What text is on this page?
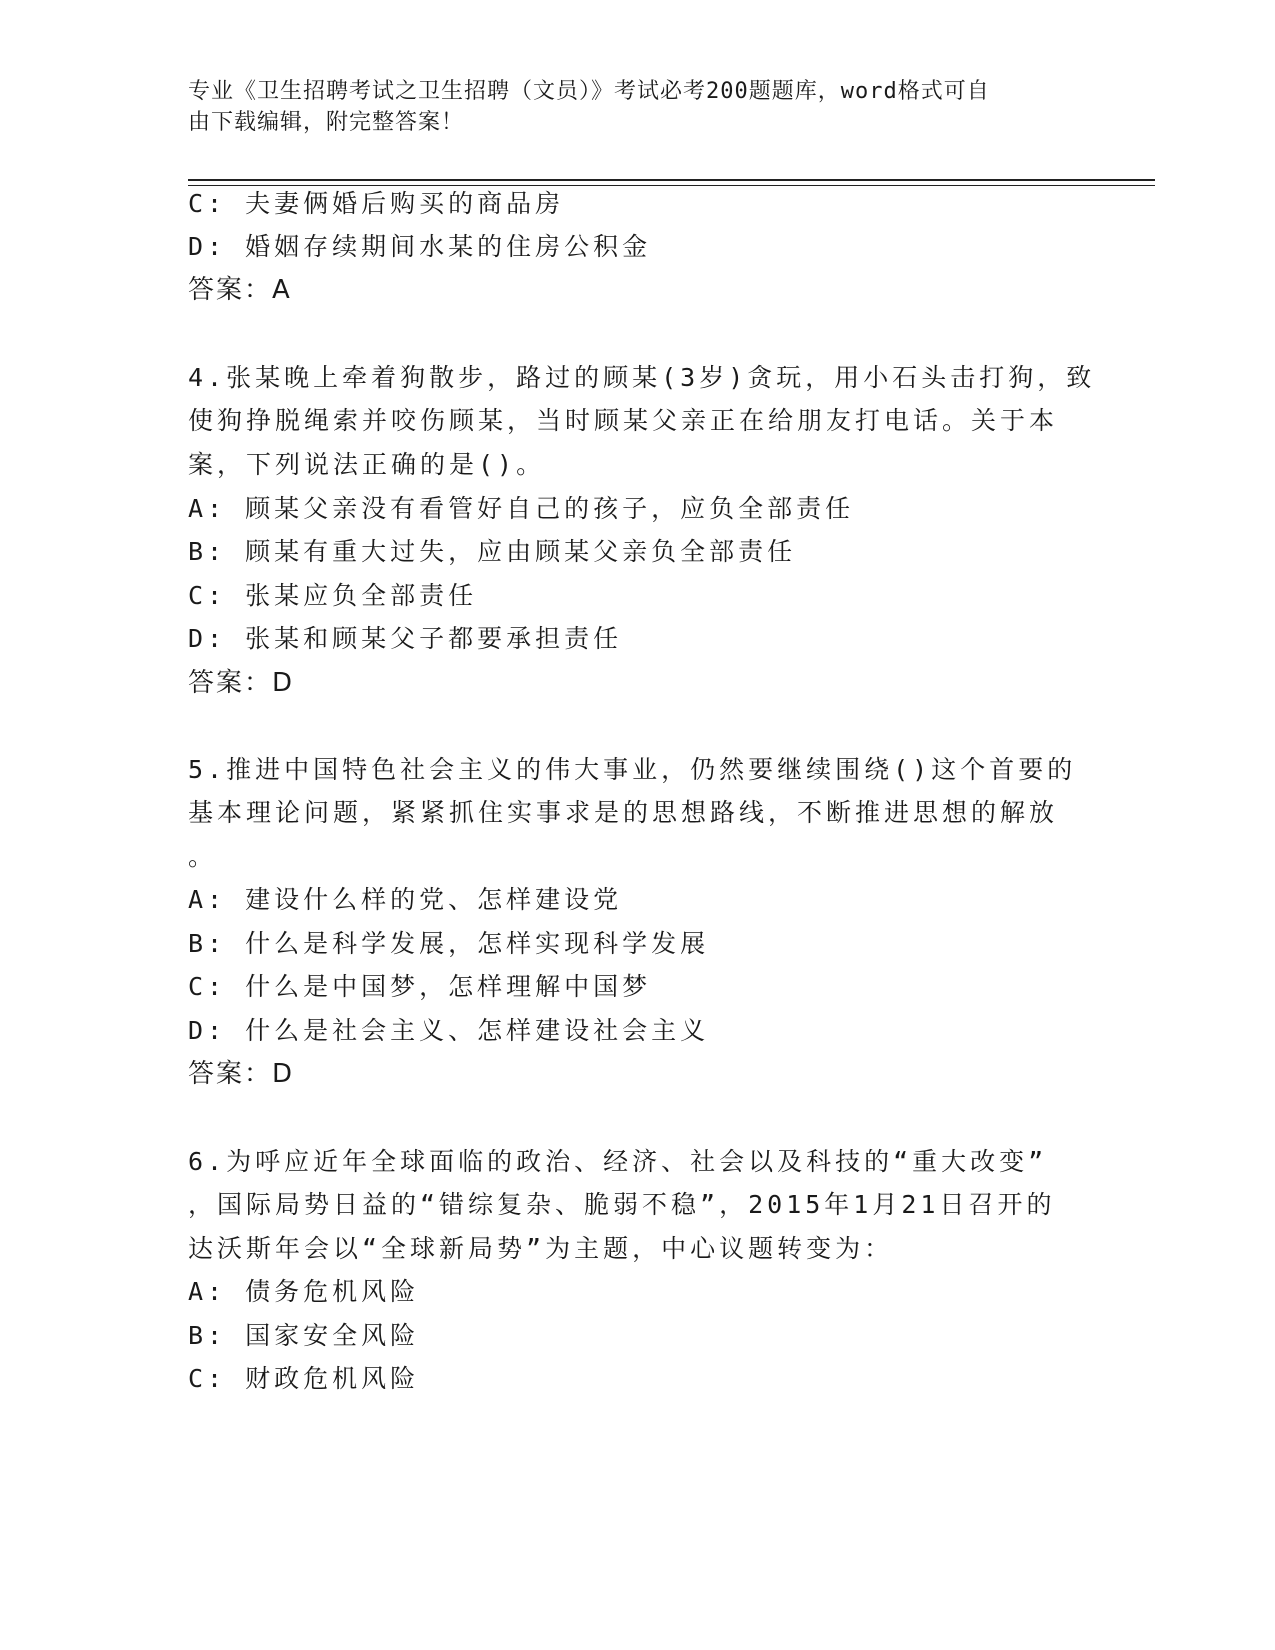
专业《卫生招聘考试之卫生招聘（文员）》考试必考200题题库，word格式可自
由下载编辑，附完整答案！
C: 夫妻俩婚后购买的商品房
D: 婚姻存续期间水某的住房公积金
答案：A
4.张某晚上牵着狗散步，路过的顾某(3岁)贪玩，用小石头击打狗，致
使狗挣脱绳索并咬伤顾某，当时顾某父亲正在给朋友打电话。关于本
案，下列说法正确的是()。
A: 顾某父亲没有看管好自己的孩子，应负全部责任
B: 顾某有重大过失，应由顾某父亲负全部责任
C: 张某应负全部责任
D: 张某和顾某父子都要承担责任
答案：D
5.推进中国特色社会主义的伟大事业，仍然要继续围绕()这个首要的
基本理论问题，紧紧抓住实事求是的思想路线，不断推进思想的解放
。
A: 建设什么样的党、怎样建设党
B: 什么是科学发展，怎样实现科学发展
C: 什么是中国梦，怎样理解中国梦
D: 什么是社会主义、怎样建设社会主义
答案：D
6.为呼应近年全球面临的政治、经济、社会以及科技的“重大改变”
，国际局势日益的“错综复杂、脆弱不稳”，2015年1月21日召开的
达沃斯年会以“全球新局势”为主题，中心议题转变为：
A: 债务危机风险
B: 国家安全风险
C: 财政危机风险
